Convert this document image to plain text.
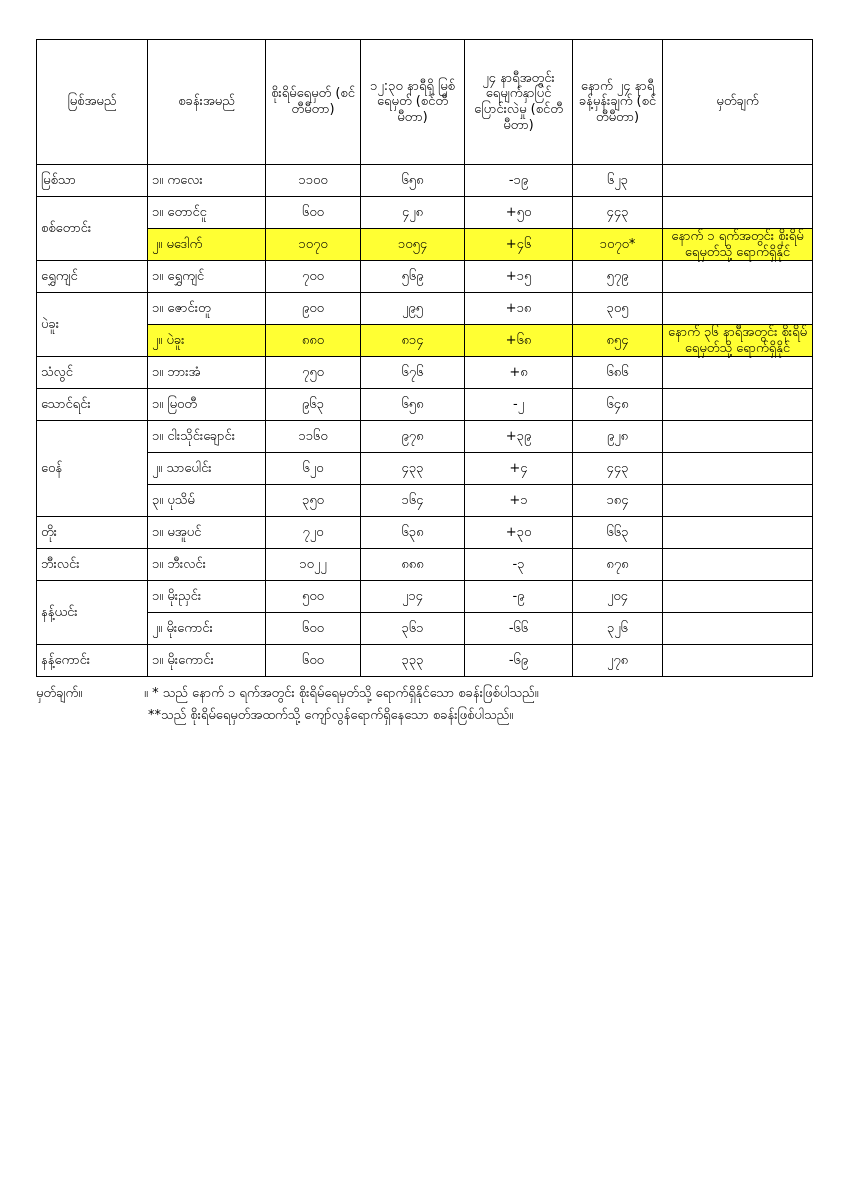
မြစ်အမည်	စခန်းအမည်	စိုးရိမ်ရေမှတ် (စင်တီမီတာ)	၁၂:၃၀ နာရီရှိ မြစ်ရေမှတ် (စင်တီမီတာ)	၂၄ နာရီအတွင်း ရေမျက်နှာပြင် ပြောင်းလဲမှု (စင်တီမီတာ)	နောက် ၂၄ နာရီ ခန့်မှန်းချက် (စင်တီမီတာ)	မှတ်ချက်
မြစ်သာ	၁။ ကလေး	၁၁၀၀	၆၅၈	-၁၉	၆၂၃	
စစ်တောင်း	၁။ တောင်ငူ	၆၀၀	၄၂၈	+၅၀	၄၄၃	
	၂။ မဒေါက်	၁၀၇၀	၁၀၅၄	+၄၆	၁၀၇၀*	နောက် ၁ ရက်အတွင်း စိုးရိမ်ရေမှတ်သို့ ရောက်ရှိနိုင်
ရွှေကျင်	၁။ ရွှေကျင်	၇၀၀	၅၆၉	+၁၅	၅၇၉	
ပဲခူး	၁။ ဇောင်းတူ	၉၀၀	၂၉၅	+၁၈	၃၀၅	
	၂။ ပဲခူး	၈၈၀	၈၁၄	+၆၈	၈၅၄	နောက် ၃၆ နာရီအတွင်း စိုးရိမ်ရေမှတ်သို့ ရောက်ရှိနိုင်
သံလွင်	၁။ ဘားအံ	၇၅၀	၆၇၆	+၈	၆၈၆	
သောင်ရင်း	၁။ မြဝတီ	၉၆၃	၆၅၈	-၂	၆၄၈	
ဝေန်	၁။ ငါးသိုင်းချောင်း	၁၁၆၀	၉၇၈	+၃၉	၉၂၈	
	၂။ သာပေါင်း	၆၂၀	၄၃၃	+၄	၄၄၃	
	၃။ ပုသိမ်	၃၅၀	၁၆၄	+၁	၁၈၄	
တိုး	၁။ မအူပင်	၇၂၀	၆၃၈	+၃၀	၆၆၃	
ဘီးလင်း	၁။ ဘီးလင်း	၁၀၂၂	၈၈၈	-၃	၈၇၈	
နန့်ယင်း	၁။ မိုးညှင်း	၅၀၀	၂၁၄	-၉	၂၀၄	
	၂။ မိုးကောင်း	၆၀၀	၃၆၁	-၆၆	၃၂၆	
နန့်ကောင်း	၁။ မိုးကောင်း	၆၀၀	၃၃၃	-၆၉	၂၇၈	
မှတ်ချက်။	။ * သည် နောက် ၁ ရက်အတွင်း စိုးရိမ်ရေမှတ်သို့ ရောက်ရှိနိုင်သော စခန်းဖြစ်ပါသည်။
**သည် စိုးရိမ်ရေမှတ်အထက်သို့ ကျော်လွန်ရောက်ရှိနေသော စခန်းဖြစ်ပါသည်။
